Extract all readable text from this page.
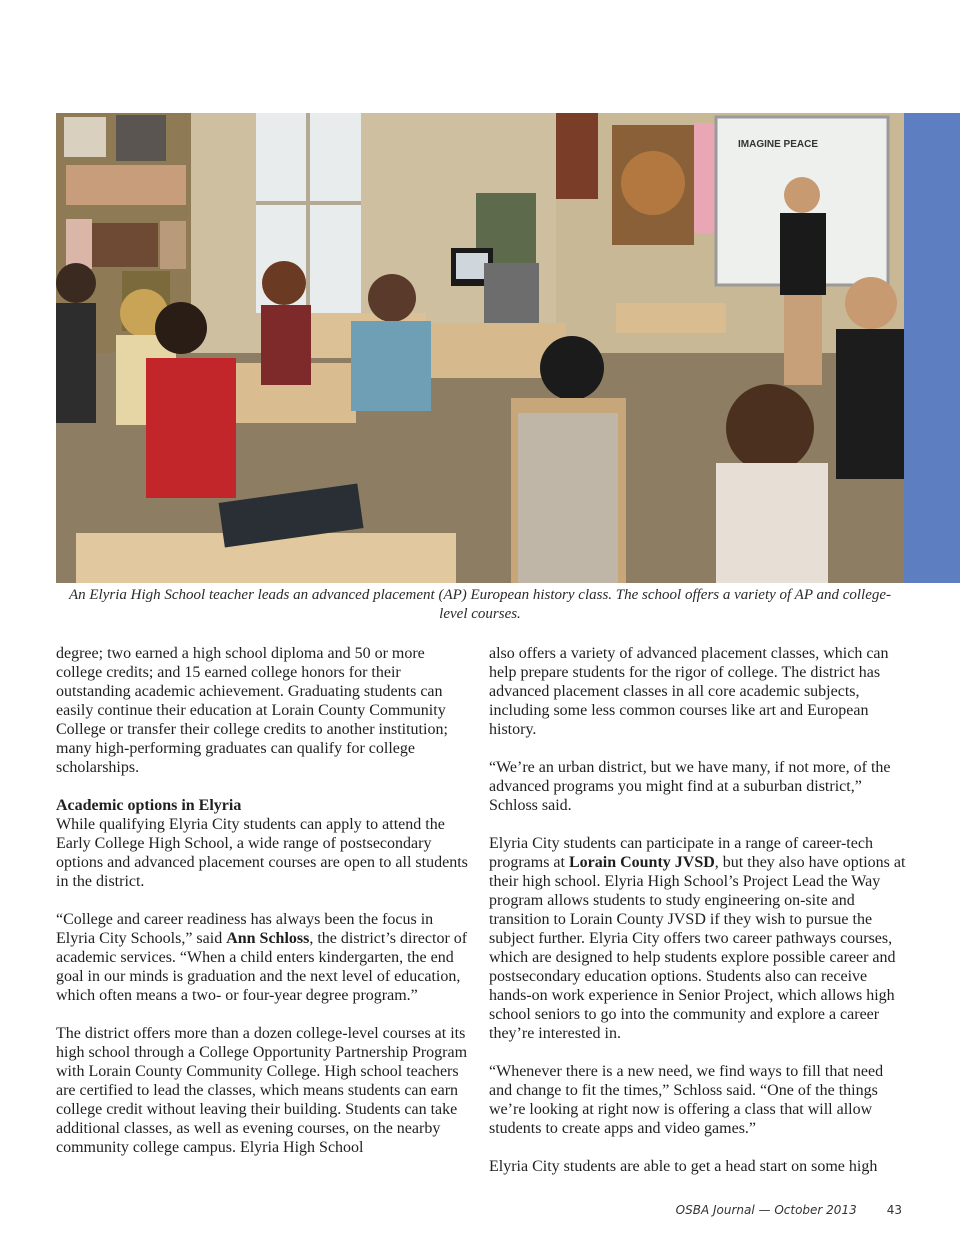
IMAGINE PEACE
An Elyria High School teacher leads an advanced placement (AP) European history class. The school offers a variety of AP and college-level courses.

degree; two earned a high school diploma and 50 or more college credits; and 15 earned college honors for their outstanding academic achievement. Graduating students can easily continue their education at Lorain County Community College or transfer their college credits to another institution; many high-performing graduates can qualify for college scholarships.

Academic options in Elyria

While qualifying Elyria City students can apply to attend the Early College High School, a wide range of postsecondary options and advanced placement courses are open to all students in the district.

“College and career readiness has always been the focus in Elyria City Schools,” said Ann Schloss, the district’s director of academic services. “When a child enters kindergarten, the end goal in our minds is graduation and the next level of education, which often means a two- or four-year degree program.”

The district offers more than a dozen college-level courses at its high school through a College Opportunity Partnership Program with Lorain County Community College. High school teachers are certified to lead the classes, which means students can earn college credit without leaving their building. Students can take additional classes, as well as evening courses, on the nearby community college campus. Elyria High School

also offers a variety of advanced placement classes, which can help prepare students for the rigor of college. The district has advanced placement classes in all core academic subjects, including some less common courses like art and European history.

“We’re an urban district, but we have many, if not more, of the advanced programs you might find at a suburban district,” Schloss said.

Elyria City students can participate in a range of career-tech programs at Lorain County JVSD, but they also have options at their high school. Elyria High School’s Project Lead the Way program allows students to study engineering on-site and transition to Lorain County JVSD if they wish to pursue the subject further. Elyria City offers two career pathways courses, which are designed to help students explore possible career and postsecondary education options. Students also can receive hands-on work experience in Senior Project, which allows high school seniors to go into the community and explore a career they’re interested in.

“Whenever there is a new need, we find ways to fill that need and change to fit the times,” Schloss said. “One of the things we’re looking at right now is offering a class that will allow students to create apps and video games.”

Elyria City students are able to get a head start on some high

OSBA Journal — October 2013	43
